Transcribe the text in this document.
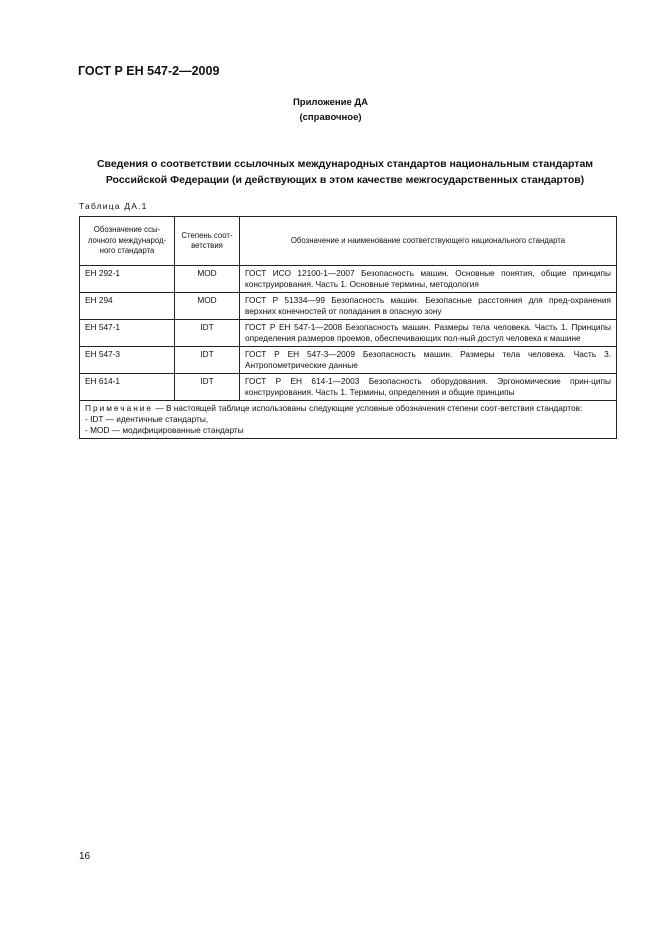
ГОСТ Р ЕН 547-2—2009
Приложение ДА
(справочное)
Сведения о соответствии ссылочных международных стандартов национальным стандартам
Российской Федерации (и действующих в этом качестве межгосударственных стандартов)
Таблица ДА.1
Обозначение ссы-лочного международ-ного стандарта	Степень соот-ветствия	Обозначение и наименование соответствующего национального стандарта
ЕН 292-1	MOD	ГОСТ ИСО 12100-1—2007 Безопасность машин. Основные понятия, общие принципы конструирования. Часть 1. Основные термины, методология
ЕН 294	MOD	ГОСТ Р 51334—99 Безопасность машин. Безопасные расстояния для пред-охранения верхних конечностей от попадания в опасную зону
ЕН 547-1	IDT	ГОСТ Р ЕН 547-1—2008 Безопасность машин. Размеры тела человека. Часть 1. Принципы определения размеров проемов, обеспечивающих пол-ный доступ человека к машине
ЕН 547-3	IDT	ГОСТ Р ЕН 547-3—2009 Безопасность машин. Размеры тела человека. Часть 3. Антропометрические данные
ЕН 614-1	IDT	ГОСТ Р ЕН 614-1—2003 Безопасность оборудования. Эргономические прин-ципы конструирования. Часть 1. Термины, определения и общие принципы

Примечание — В настоящей таблице использованы следующие условные обозначения степени соот-ветствия стандартов:
- IDT — идентичные стандарты,
- MOD — модифицированные стандарты		
16
